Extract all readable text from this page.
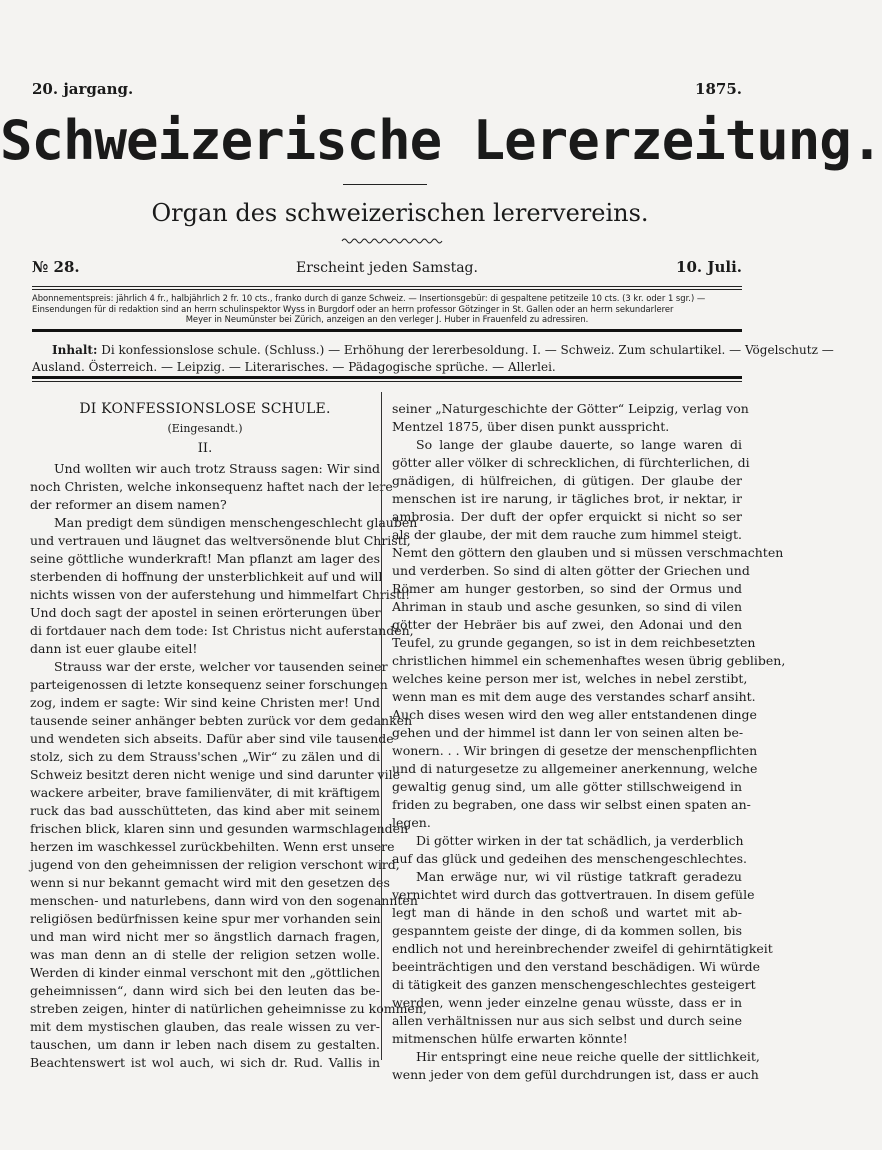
20. jargang.	1875.
Schweizerische Lererzeitung.
Organ des schweizerischen lerervereins.
№ 28.	Erscheint jeden Samstag.	10. Juli.
Abonnementspreis: jährlich 4 fr., halbjährlich 2 fr. 10 cts., franko durch di ganze Schweiz. — Insertionsgebür: di gespaltene petitzeile 10 cts. (3 kr. oder 1 sgr.) —
Einsendungen für di redaktion sind an herrn schulinspektor Wyss in Burgdorf oder an herrn professor Götzinger in St. Gallen oder an herrn sekundarlerer
Meyer in Neumünster bei Zürich, anzeigen an den verleger J. Huber in Frauenfeld zu adressiren.
Inhalt: Di konfessionslose schule. (Schluss.) — Erhöhung der lererbesoldung. I. — Schweiz. Zum schulartikel. — Vögelschutz —
Ausland. Österreich. — Leipzig. — Literarisches. — Pädagogische sprüche. — Allerlei.
DI KONFESSIONSLOSE SCHULE.
(Eingesandt.)
II.
Und wollten wir auch trotz Strauss sagen: Wir sind
noch Christen, welche inkonsequenz haftet nach der lere
der reformer an disem namen?
Man predigt dem sündigen menschengeschlecht glauben
und vertrauen und läugnet das weltversönende blut Christi,
seine göttliche wunderkraft! Man pflanzt am lager des
sterbenden di hoffnung der unsterblichkeit auf und will
nichts wissen von der auferstehung und himmelfart Christi!
Und doch sagt der apostel in seinen erörterungen über
di fortdauer nach dem tode: Ist Christus nicht auferstanden,
dann ist euer glaube eitel!
Strauss war der erste, welcher vor tausenden seiner
parteigenossen di letzte konsequenz seiner forschungen
zog, indem er sagte: Wir sind keine Christen mer! Und
tausende seiner anhänger bebten zurück vor dem gedanken
und wendeten sich abseits. Dafür aber sind vile tausende
stolz, sich zu dem Strauss'schen „Wir“ zu zälen und di
Schweiz besitzt deren nicht wenige und sind darunter vile
wackere arbeiter, brave familienväter, di mit kräftigem
ruck das bad ausschütteten, das kind aber mit seinem
frischen blick, klaren sinn und gesunden warmschlagenden
herzen im waschkessel zurückbehilten. Wenn erst unsere
jugend von den geheimnissen der religion verschont wird,
wenn si nur bekannt gemacht wird mit den gesetzen des
menschen- und naturlebens, dann wird von den sogenannten
religiösen bedürfnissen keine spur mer vorhanden sein
und man wird nicht mer so ängstlich darnach fragen,
was man denn an di stelle der religion setzen wolle.
Werden di kinder einmal verschont mit den „göttlichen
geheimnissen“, dann wird sich bei den leuten das be-
streben zeigen, hinter di natürlichen geheimnisse zu kommen,
mit dem mystischen glauben, das reale wissen zu ver-
tauschen, um dann ir leben nach disem zu gestalten.
Beachtenswert ist wol auch, wi sich dr. Rud. Vallis in
seiner „Naturgeschichte der Götter“ Leipzig, verlag von
Mentzel 1875, über disen punkt ausspricht.
So lange der glaube dauerte, so lange waren di
götter aller völker di schrecklichen, di fürchterlichen, di
gnädigen, di hülfreichen, di gütigen. Der glaube der
menschen ist ire narung, ir tägliches brot, ir nektar, ir
ambrosia. Der duft der opfer erquickt si nicht so ser
als der glaube, der mit dem rauche zum himmel steigt.
Nemt den göttern den glauben und si müssen verschmachten
und verderben. So sind di alten götter der Griechen und
Römer am hunger gestorben, so sind der Ormus und
Ahriman in staub und asche gesunken, so sind di vilen
götter der Hebräer bis auf zwei, den Adonai und den
Teufel, zu grunde gegangen, so ist in dem reichbesetzten
christlichen himmel ein schemenhaftes wesen übrig gebliben,
welches keine person mer ist, welches in nebel zerstibt,
wenn man es mit dem auge des verstandes scharf ansiht.
Auch dises wesen wird den weg aller entstandenen dinge
gehen und der himmel ist dann ler von seinen alten be-
wonern. . . Wir bringen di gesetze der menschenpflichten
und di naturgesetze zu allgemeiner anerkennung, welche
gewaltig genug sind, um alle götter stillschweigend in
friden zu begraben, one dass wir selbst einen spaten an-
legen.
Di götter wirken in der tat schädlich, ja verderblich
auf das glück und gedeihen des menschengeschlechtes.
Man erwäge nur, wi vil rüstige tatkraft geradezu
vernichtet wird durch das gottvertrauen. In disem gefüle
legt man di hände in den schoß und wartet mit ab-
gespanntem geiste der dinge, di da kommen sollen, bis
endlich not und hereinbrechender zweifel di gehirntätigkeit
beeinträchtigen und den verstand beschädigen. Wi würde
di tätigkeit des ganzen menschengeschlechtes gesteigert
werden, wenn jeder einzelne genau wüsste, dass er in
allen verhältnissen nur aus sich selbst und durch seine
mitmenschen hülfe erwarten könnte!
Hir entspringt eine neue reiche quelle der sittlichkeit,
wenn jeder von dem gefül durchdrungen ist, dass er auch
